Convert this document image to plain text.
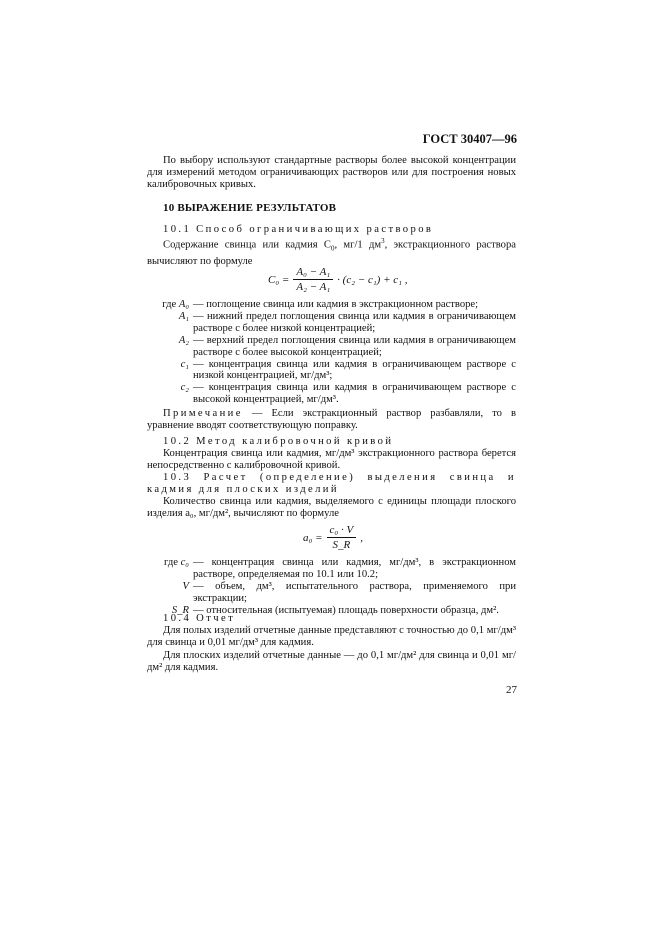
ГОСТ 30407—96
По выбору используют стандартные растворы более высокой концентрации для измерений методом ограничивающих растворов или для построения новых калибровочных кривых.
10 ВЫРАЖЕНИЕ РЕЗУЛЬТАТОВ
10.1 Способ ограничивающих растворов
Содержание свинца или кадмия $C_0$, мг/1 $дм^3$, экстракционного раствора вычисляют по формуле
$C_0 = \frac{\text{A₀ − A₁}}{\text{A₂ − A₁}} \cdot (c_2 - c_1) + c_1$ ,
где A₀ — поглощение свинца или кадмия в экстракционном растворе;
A₁ — нижний предел поглощения свинца или кадмия в ограничивающем растворе с более низкой концентрацией;
A₂ — верхний предел поглощения свинца или кадмия в ограничивающем растворе с более высокой концентрацией;
c₁ — концентрация свинца или кадмия в ограничивающем растворе с низкой концентрацией, мг/дм³;
c₂ — концентрация свинца или кадмия в ограничивающем растворе с высокой концентрацией, мг/дм³.
Примечание — Если экстракционный раствор разбавляли, то в уравнение вводят соответствующую поправку.
10.2 Метод калибровочной кривой
Концентрация свинца или кадмия, мг/дм³ экстракционного раствора берется непосредственно с калибровочной кривой.
10.3 Расчет (определение) выделения свинца и кадмия для плоских изделий
Количество свинца или кадмия, выделяемого с единицы площади плоского изделия a₀, мг/дм², вычисляют по формуле
$a_0 = \frac{\text{c₀ · V}}{S\_R}$ ,
где c₀ — концентрация свинца или кадмия, мг/дм³, в экстракционном растворе, определяемая по 10.1 или 10.2;
V — объем, дм³, испытательного раствора, применяемого при экстракции;
S_R — относительная (испытуемая) площадь поверхности образца, дм².
10.4 Отчет
Для полых изделий отчетные данные представляют с точностью до 0,1 мг/дм³ для свинца и 0,01 мг/дм³ для кадмия.
Для плоских изделий отчетные данные — до 0,1 мг/дм² для свинца и 0,01 мг/дм² для кадмия.
27
